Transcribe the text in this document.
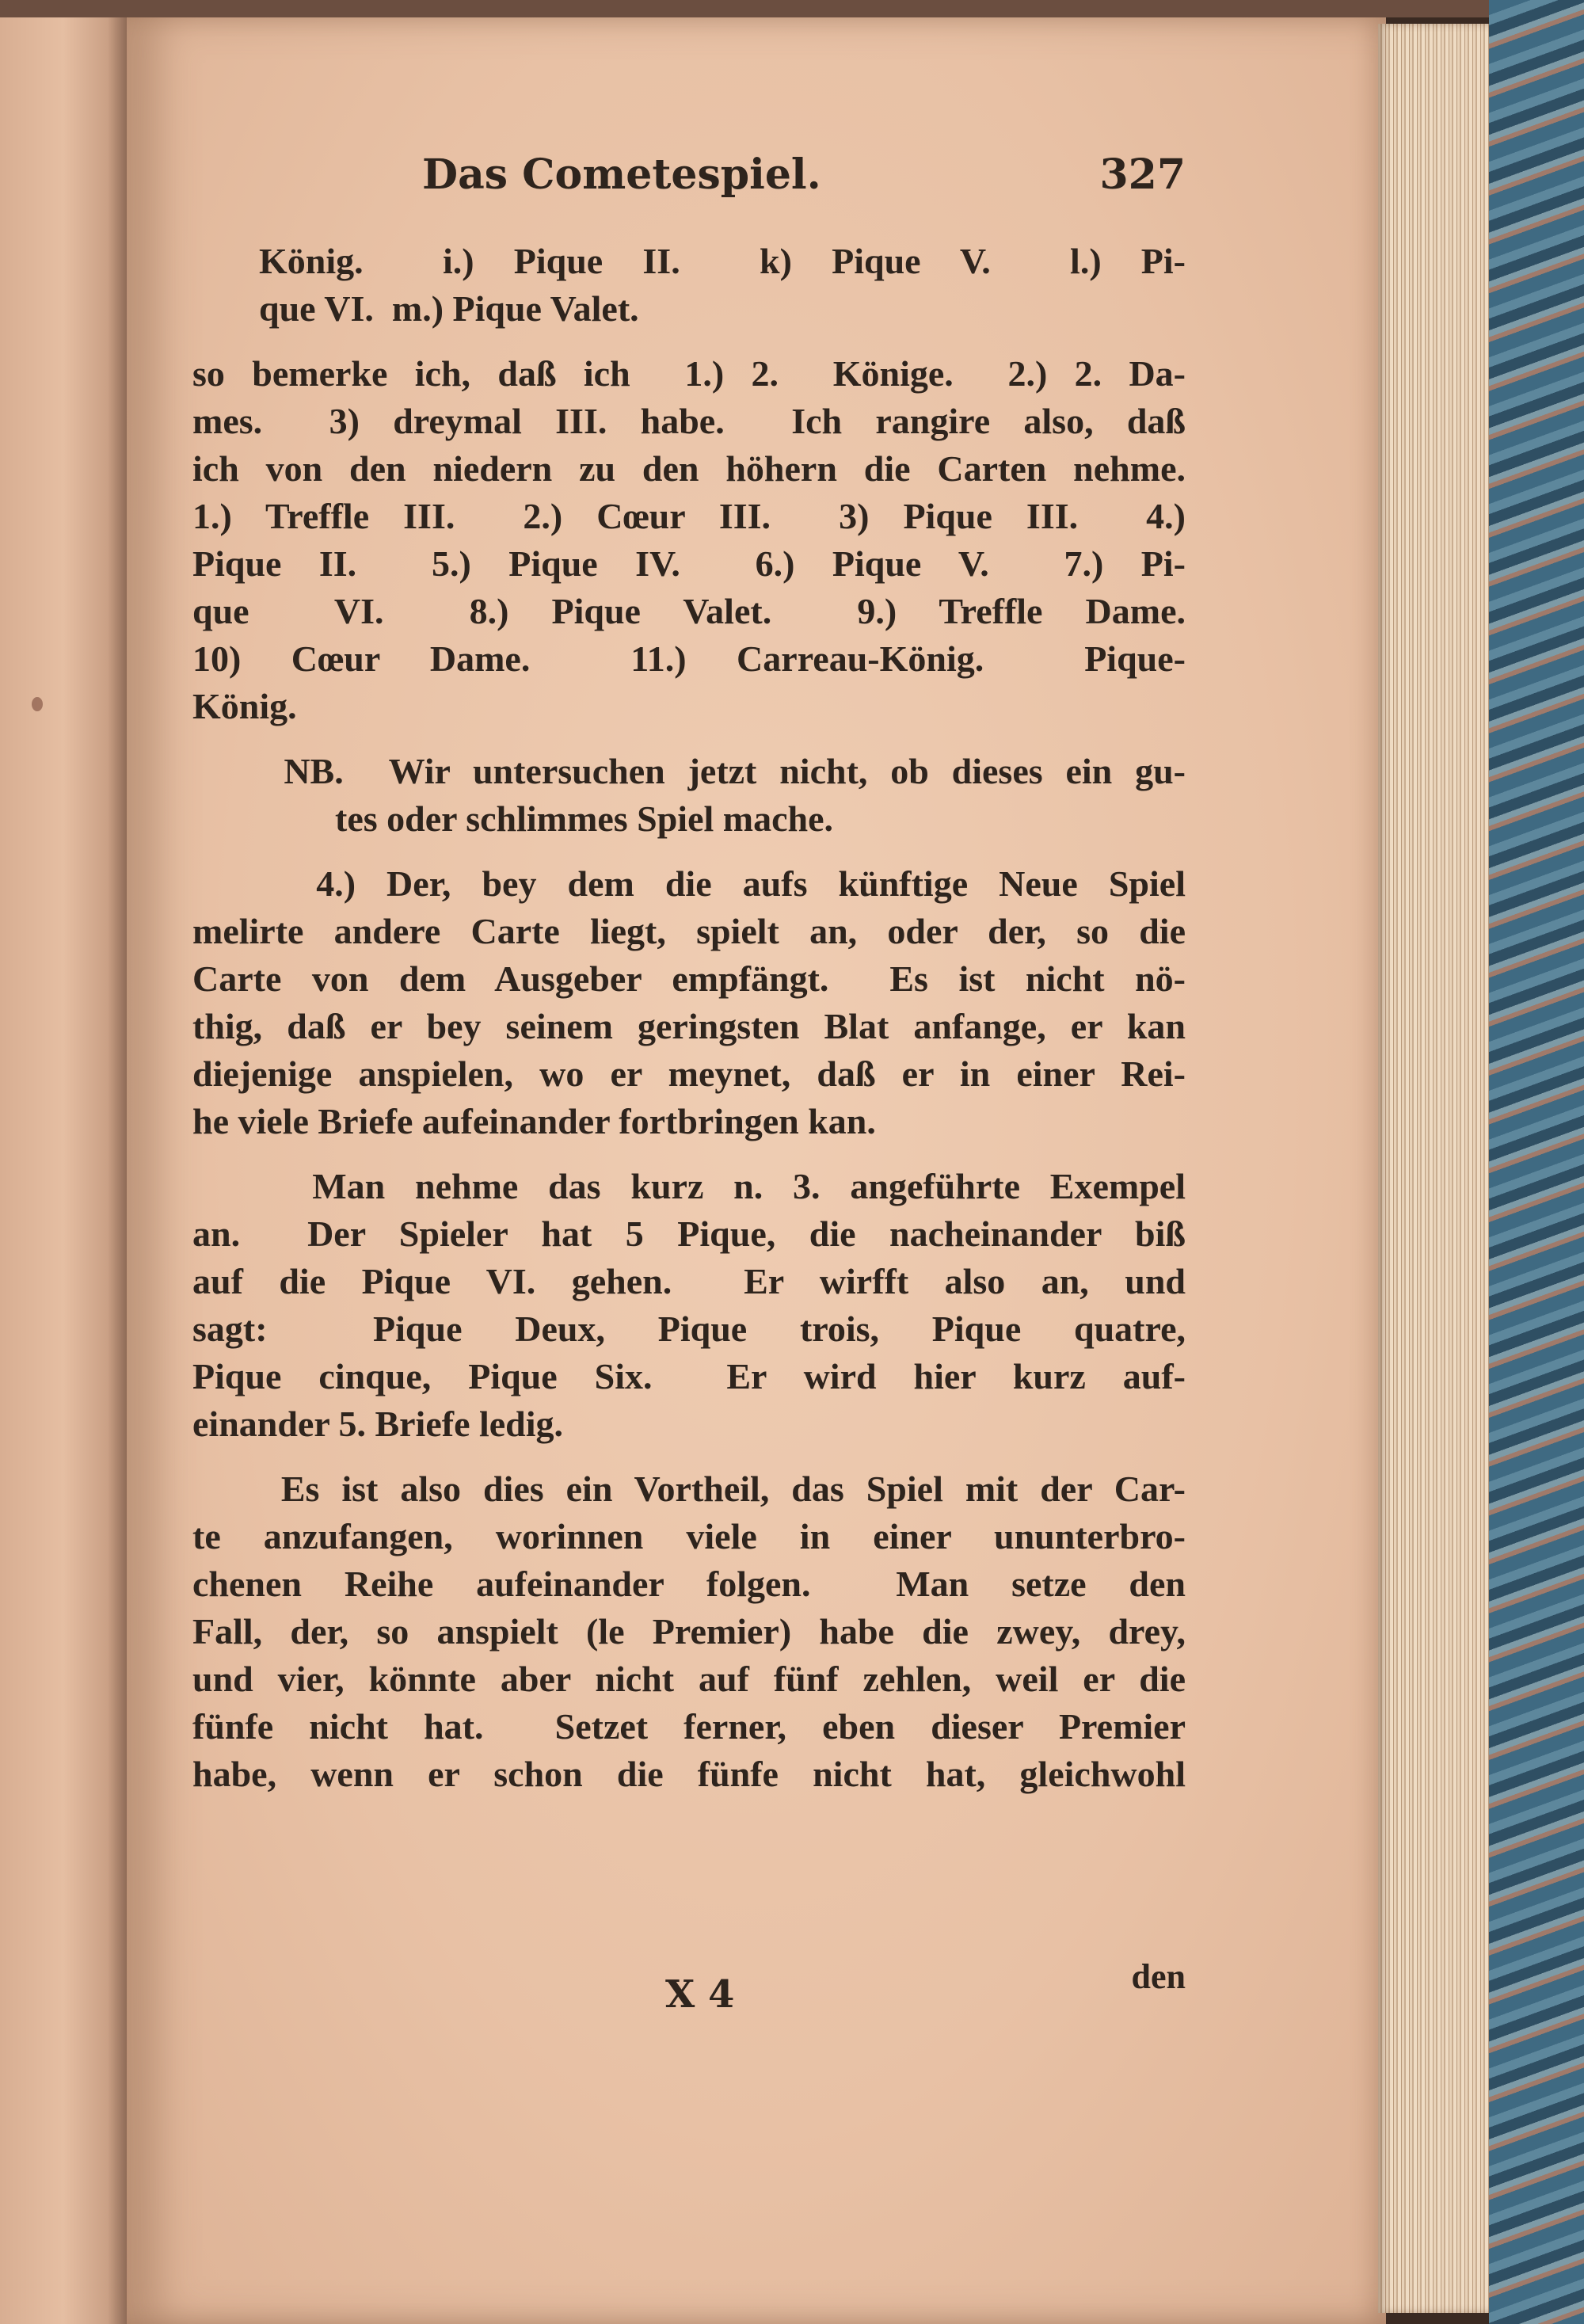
Das Cometespiel.	327
König.  i.) Pique II.  k) Pique V.  l.) Pi-
que VI.  m.) Pique Valet.
so bemerke ich, daß ich  1.) 2.  Könige.  2.) 2. Da-
mes.  3) dreymal III. habe.  Ich rangire also, daß
ich von den niedern zu den höhern die Carten nehme.
1.) Treffle III.  2.) Cœur III.  3) Pique III.  4.)
Pique II.  5.) Pique IV.  6.) Pique V.  7.) Pi-
que  VI.  8.) Pique Valet.  9.) Treffle Dame.
10) Cœur Dame.  11.) Carreau-König.  Pique-
König.
NB.  Wir untersuchen jetzt nicht, ob dieses ein gu-
tes oder schlimmes Spiel mache.
4.) Der, bey dem die aufs künftige Neue Spiel
melirte andere Carte liegt, spielt an, oder der, so die
Carte von dem Ausgeber empfängt.  Es ist nicht nö-
thig, daß er bey seinem geringsten Blat anfange, er kan
diejenige anspielen, wo er meynet, daß er in einer Rei-
he viele Briefe aufeinander fortbringen kan.
Man nehme das kurz n. 3. angeführte Exempel
an.  Der Spieler hat 5 Pique, die nacheinander biß
auf die Pique VI. gehen.  Er wirfft also an, und
sagt:  Pique Deux, Pique trois, Pique quatre,
Pique cinque, Pique Six.  Er wird hier kurz auf-
einander 5. Briefe ledig.
Es ist also dies ein Vortheil, das Spiel mit der Car-
te anzufangen, worinnen viele in einer ununterbro-
chenen Reihe aufeinander folgen.  Man setze den
Fall, der, so anspielt (le Premier) habe die zwey, drey,
und vier, könnte aber nicht auf fünf zehlen, weil er die
fünfe nicht hat.  Setzet ferner, eben dieser Premier
habe, wenn er schon die fünfe nicht hat, gleichwohl
den
X 4
